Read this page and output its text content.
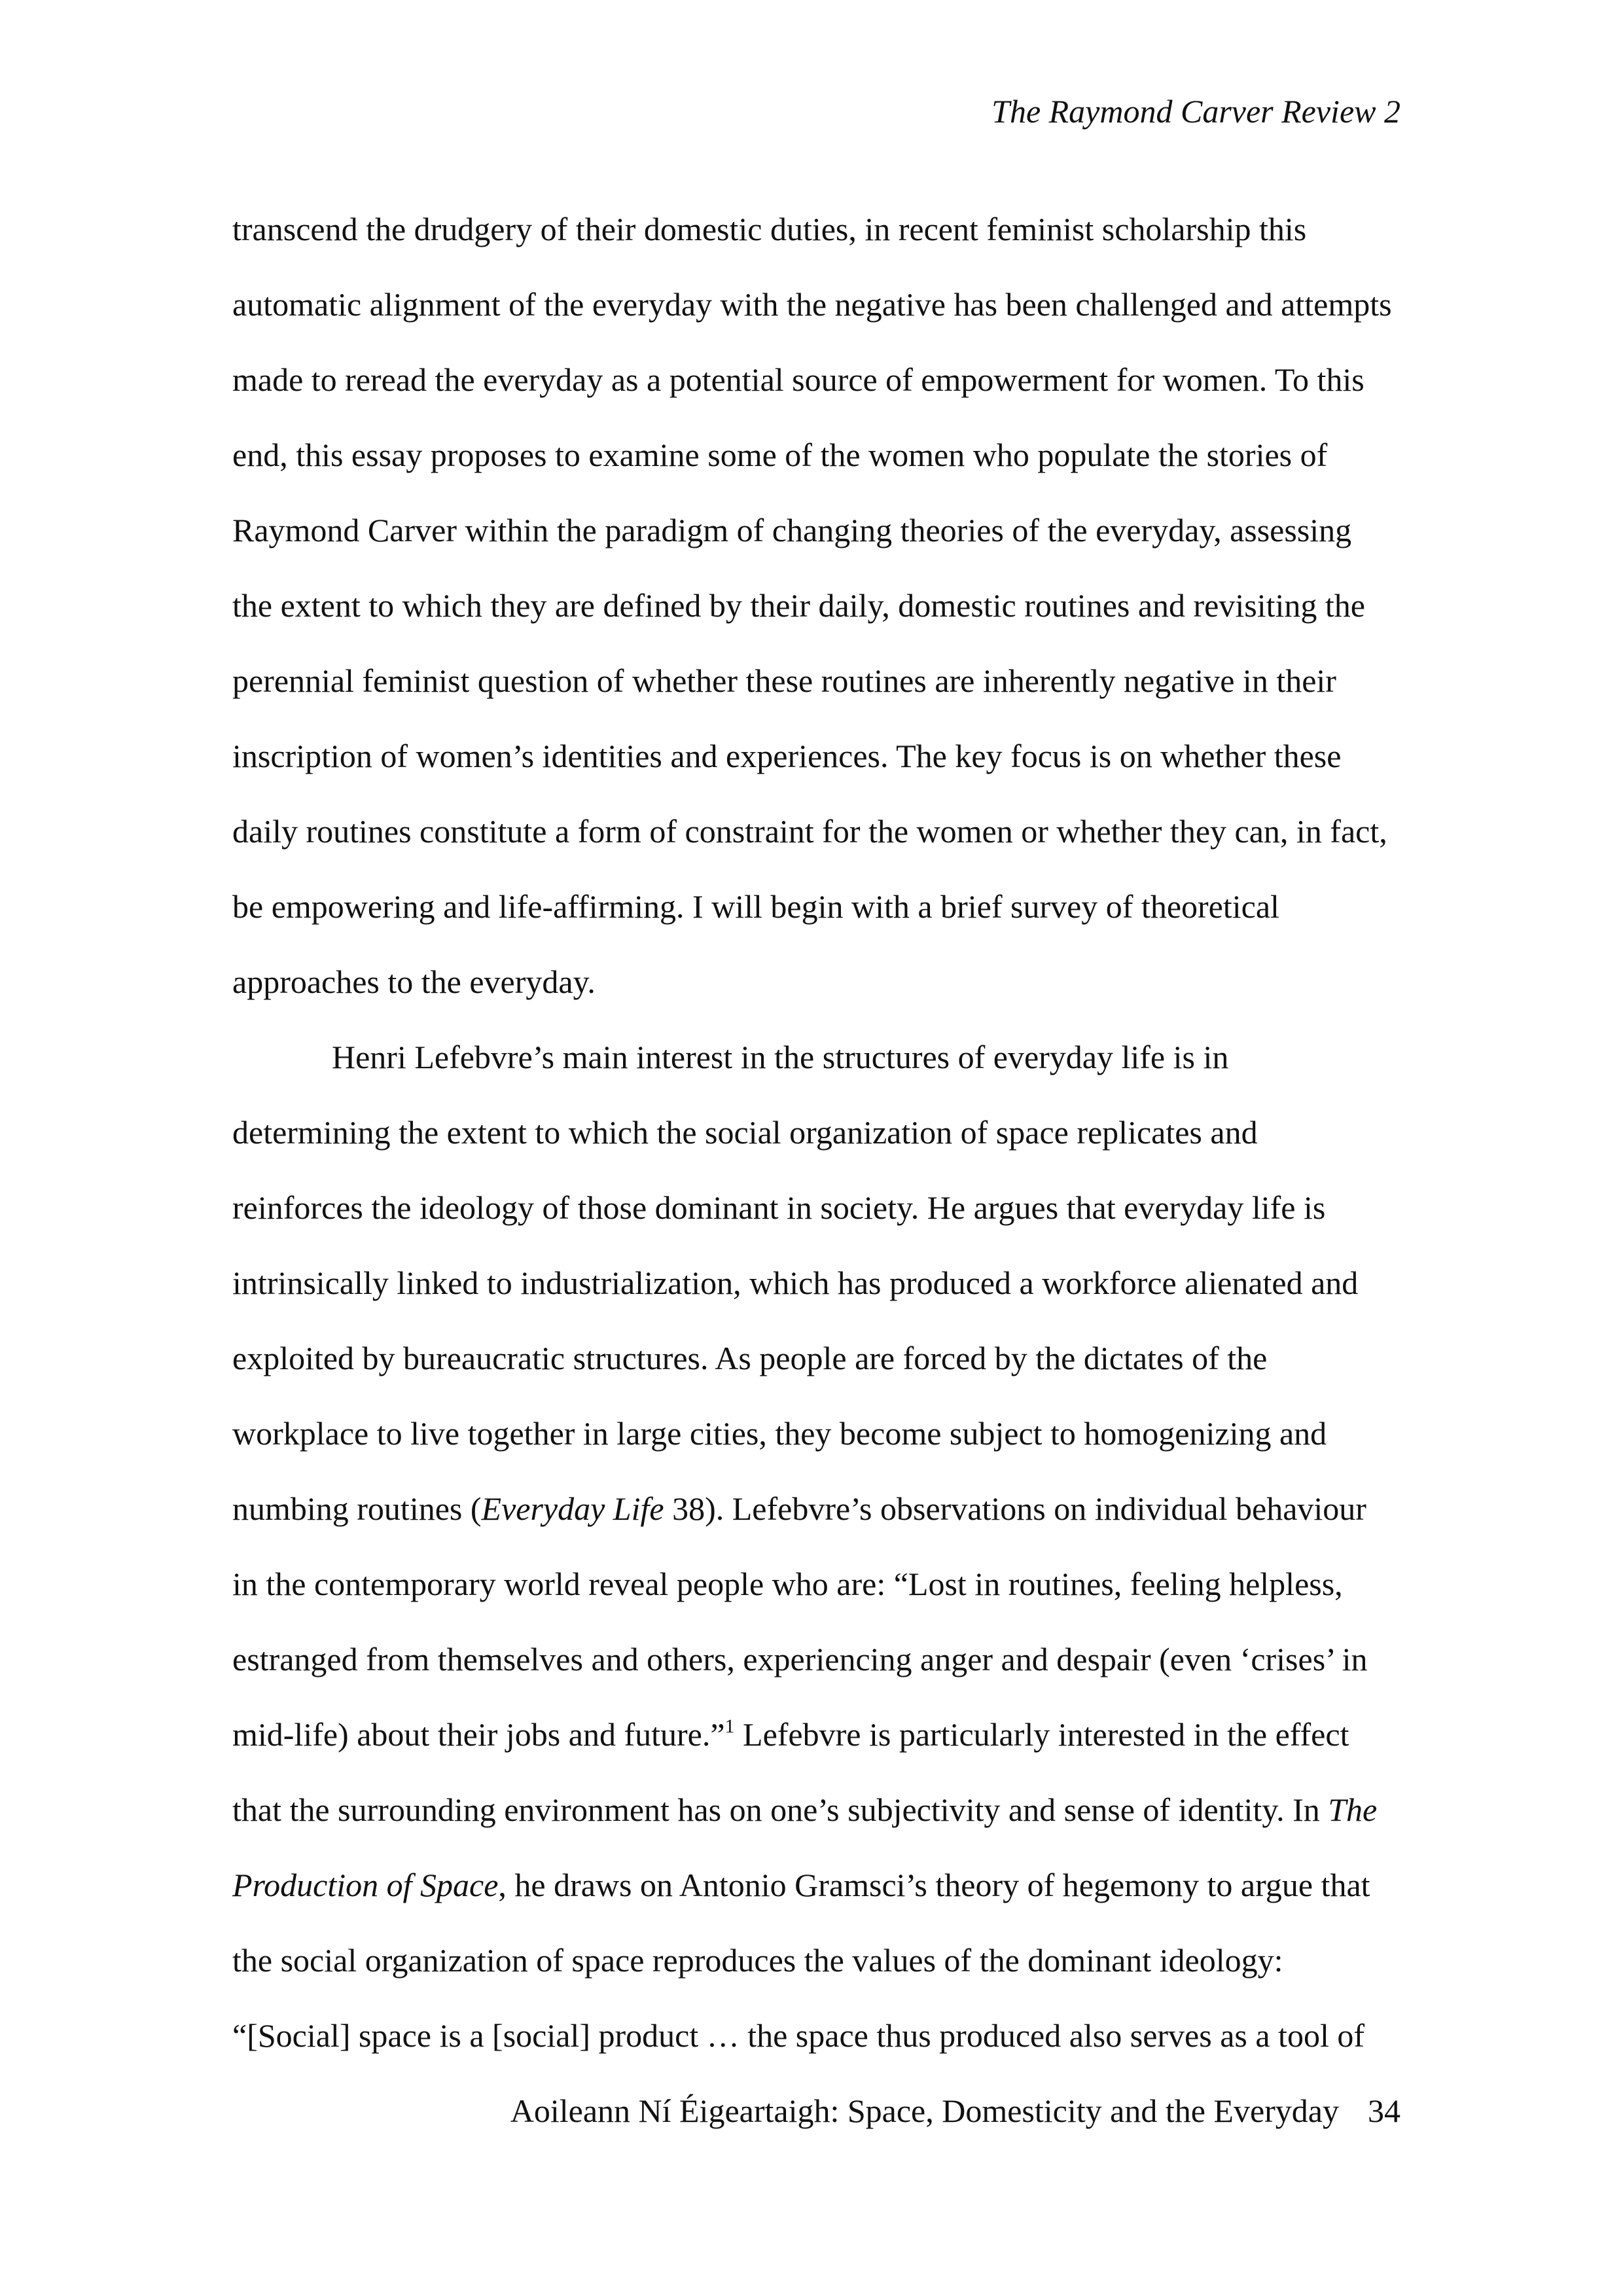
The Raymond Carver Review 2
transcend the drudgery of their domestic duties, in recent feminist scholarship this
automatic alignment of the everyday with the negative has been challenged and attempts
made to reread the everyday as a potential source of empowerment for women. To this
end, this essay proposes to examine some of the women who populate the stories of
Raymond Carver within the paradigm of changing theories of the everyday, assessing
the extent to which they are defined by their daily, domestic routines and revisiting the
perennial feminist question of whether these routines are inherently negative in their
inscription of women’s identities and experiences. The key focus is on whether these
daily routines constitute a form of constraint for the women or whether they can, in fact,
be empowering and life-affirming. I will begin with a brief survey of theoretical
approaches to the everyday.
Henri Lefebvre’s main interest in the structures of everyday life is in
determining the extent to which the social organization of space replicates and
reinforces the ideology of those dominant in society. He argues that everyday life is
intrinsically linked to industrialization, which has produced a workforce alienated and
exploited by bureaucratic structures. As people are forced by the dictates of the
workplace to live together in large cities, they become subject to homogenizing and
numbing routines (Everyday Life 38). Lefebvre’s observations on individual behaviour
in the contemporary world reveal people who are: “Lost in routines, feeling helpless,
estranged from themselves and others, experiencing anger and despair (even ‘crises’ in
mid-life) about their jobs and future.”$^1$ Lefebvre is particularly interested in the effect
that the surrounding environment has on one’s subjectivity and sense of identity. In The
Production of Space, he draws on Antonio Gramsci’s theory of hegemony to argue that
the social organization of space reproduces the values of the dominant ideology:
“[Social] space is a [social] product … the space thus produced also serves as a tool of
Aoileann Ní Éigeartaigh: Space, Domesticity and the Everyday 34
